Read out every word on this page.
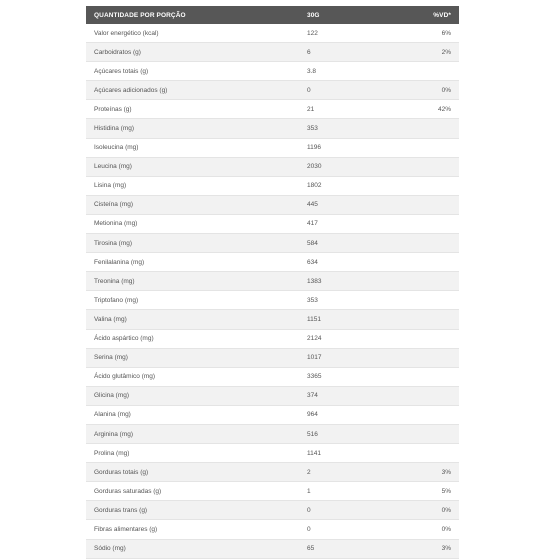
QUANTIDADE POR PORÇÃO	30G	%VD*
Valor energético (kcal)	122	6%
Carboidratos (g)	6	2%
Açúcares totais (g)	3.8	
Açúcares adicionados (g)	0	0%
Proteínas (g)	21	42%
Histidina (mg)	353	
Isoleucina (mg)	1196	
Leucina (mg)	2030	
Lisina (mg)	1802	
Cisteína (mg)	445	
Metionina (mg)	417	
Tirosina (mg)	584	
Fenilalanina (mg)	634	
Treonina (mg)	1383	
Triptofano (mg)	353	
Valina (mg)	1151	
Ácido aspártico (mg)	2124	
Serina (mg)	1017	
Ácido glutâmico (mg)	3365	
Glicina (mg)	374	
Alanina (mg)	964	
Arginina (mg)	516	
Prolina (mg)	1141	
Gorduras totais (g)	2	3%
Gorduras saturadas (g)	1	5%
Gorduras trans (g)	0	0%
Fibras alimentares (g)	0	0%
Sódio (mg)	65	3%
